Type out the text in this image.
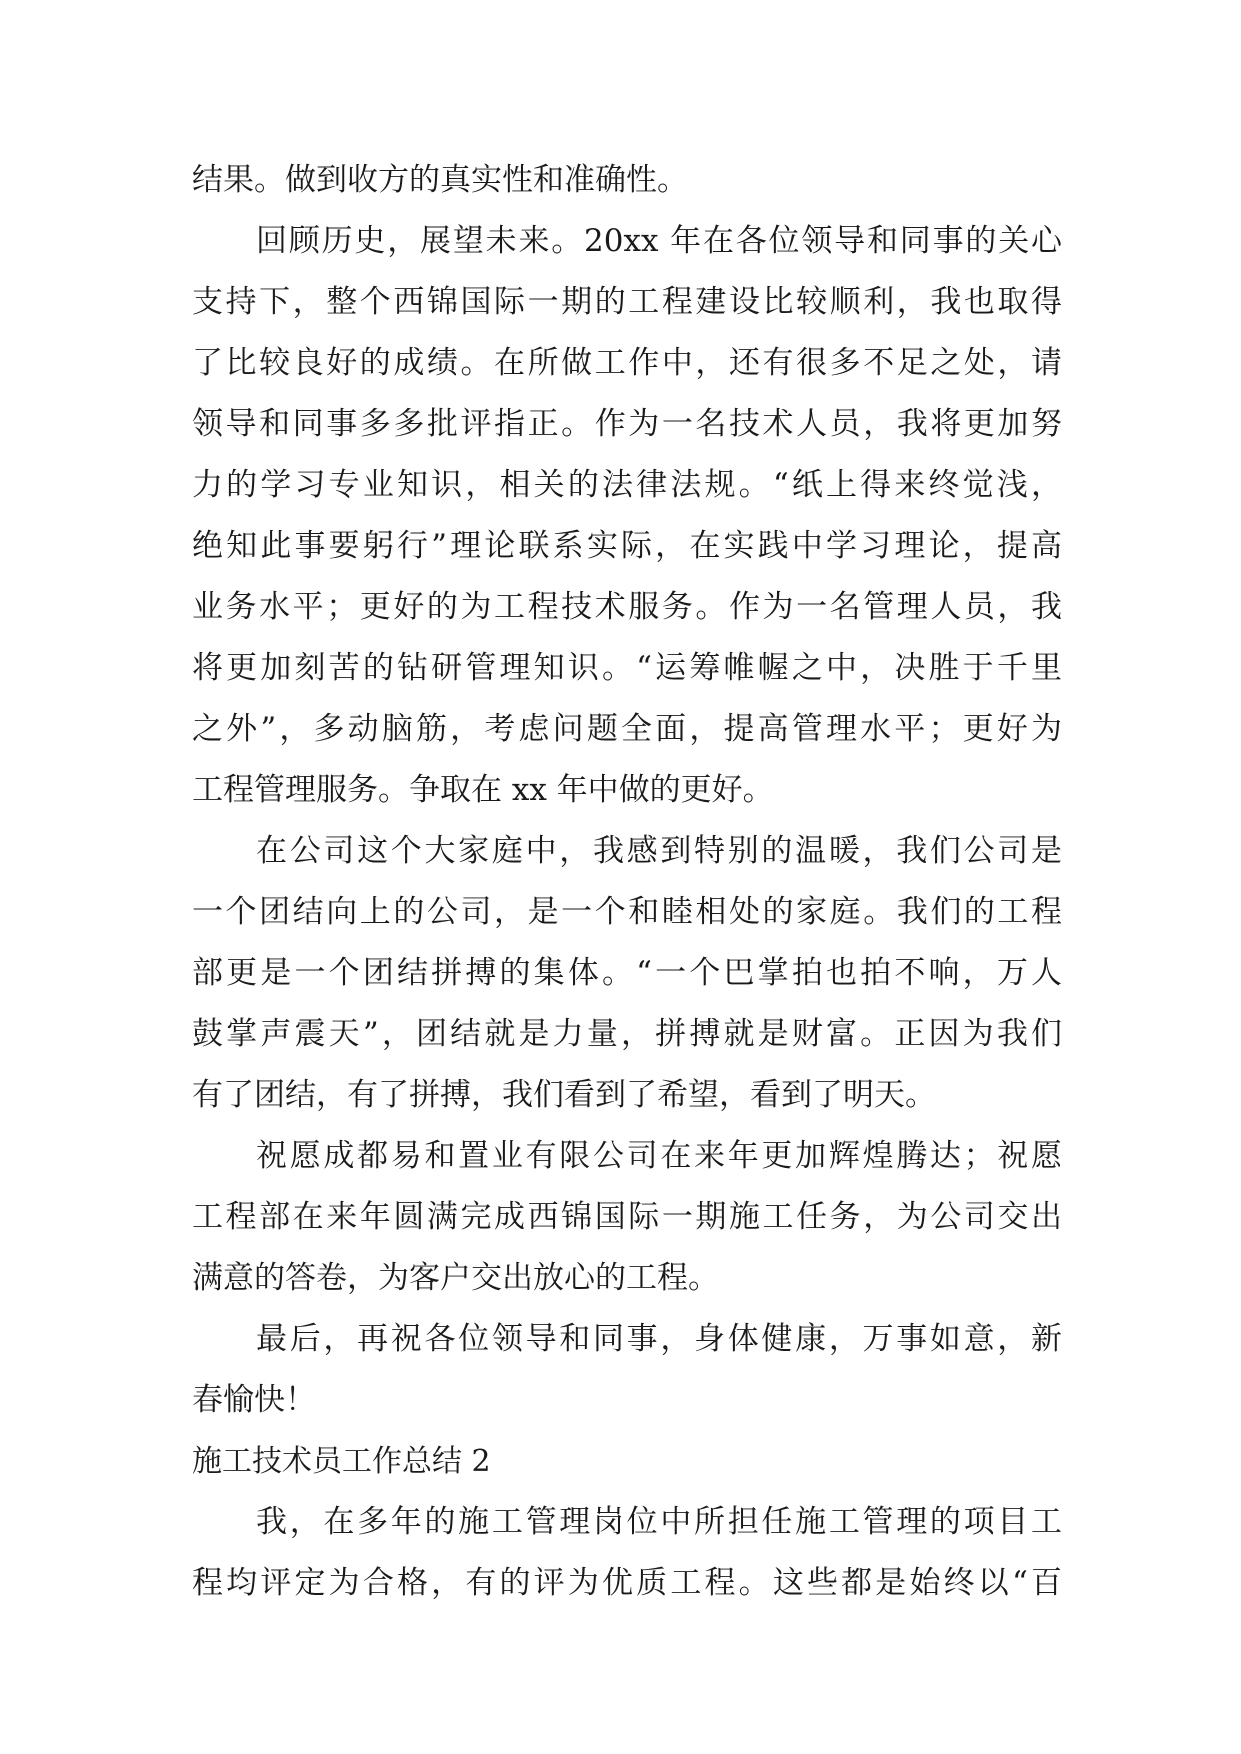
结果。做到收方的真实性和准确性。
回顾历史，展望未来。20xx 年在各位领导和同事的关心
支持下，整个西锦国际一期的工程建设比较顺利，我也取得
了比较良好的成绩。在所做工作中，还有很多不足之处，请
领导和同事多多批评指正。作为一名技术人员，我将更加努
力的学习专业知识，相关的法律法规。“纸上得来终觉浅，
绝知此事要躬行”理论联系实际，在实践中学习理论，提高
业务水平；更好的为工程技术服务。作为一名管理人员，我
将更加刻苦的钻研管理知识。“运筹帷幄之中，决胜于千里
之外”，多动脑筋，考虑问题全面，提高管理水平；更好为
工程管理服务。争取在 xx 年中做的更好。
在公司这个大家庭中，我感到特别的温暖，我们公司是
一个团结向上的公司，是一个和睦相处的家庭。我们的工程
部更是一个团结拼搏的集体。“一个巴掌拍也拍不响，万人
鼓掌声震天”，团结就是力量，拼搏就是财富。正因为我们
有了团结，有了拼搏，我们看到了希望，看到了明天。
祝愿成都易和置业有限公司在来年更加辉煌腾达；祝愿
工程部在来年圆满完成西锦国际一期施工任务，为公司交出
满意的答卷，为客户交出放心的工程。
最后，再祝各位领导和同事，身体健康，万事如意，新
春愉快！
施工技术员工作总结 2
我，在多年的施工管理岗位中所担任施工管理的项目工
程均评定为合格，有的评为优质工程。这些都是始终以“百
